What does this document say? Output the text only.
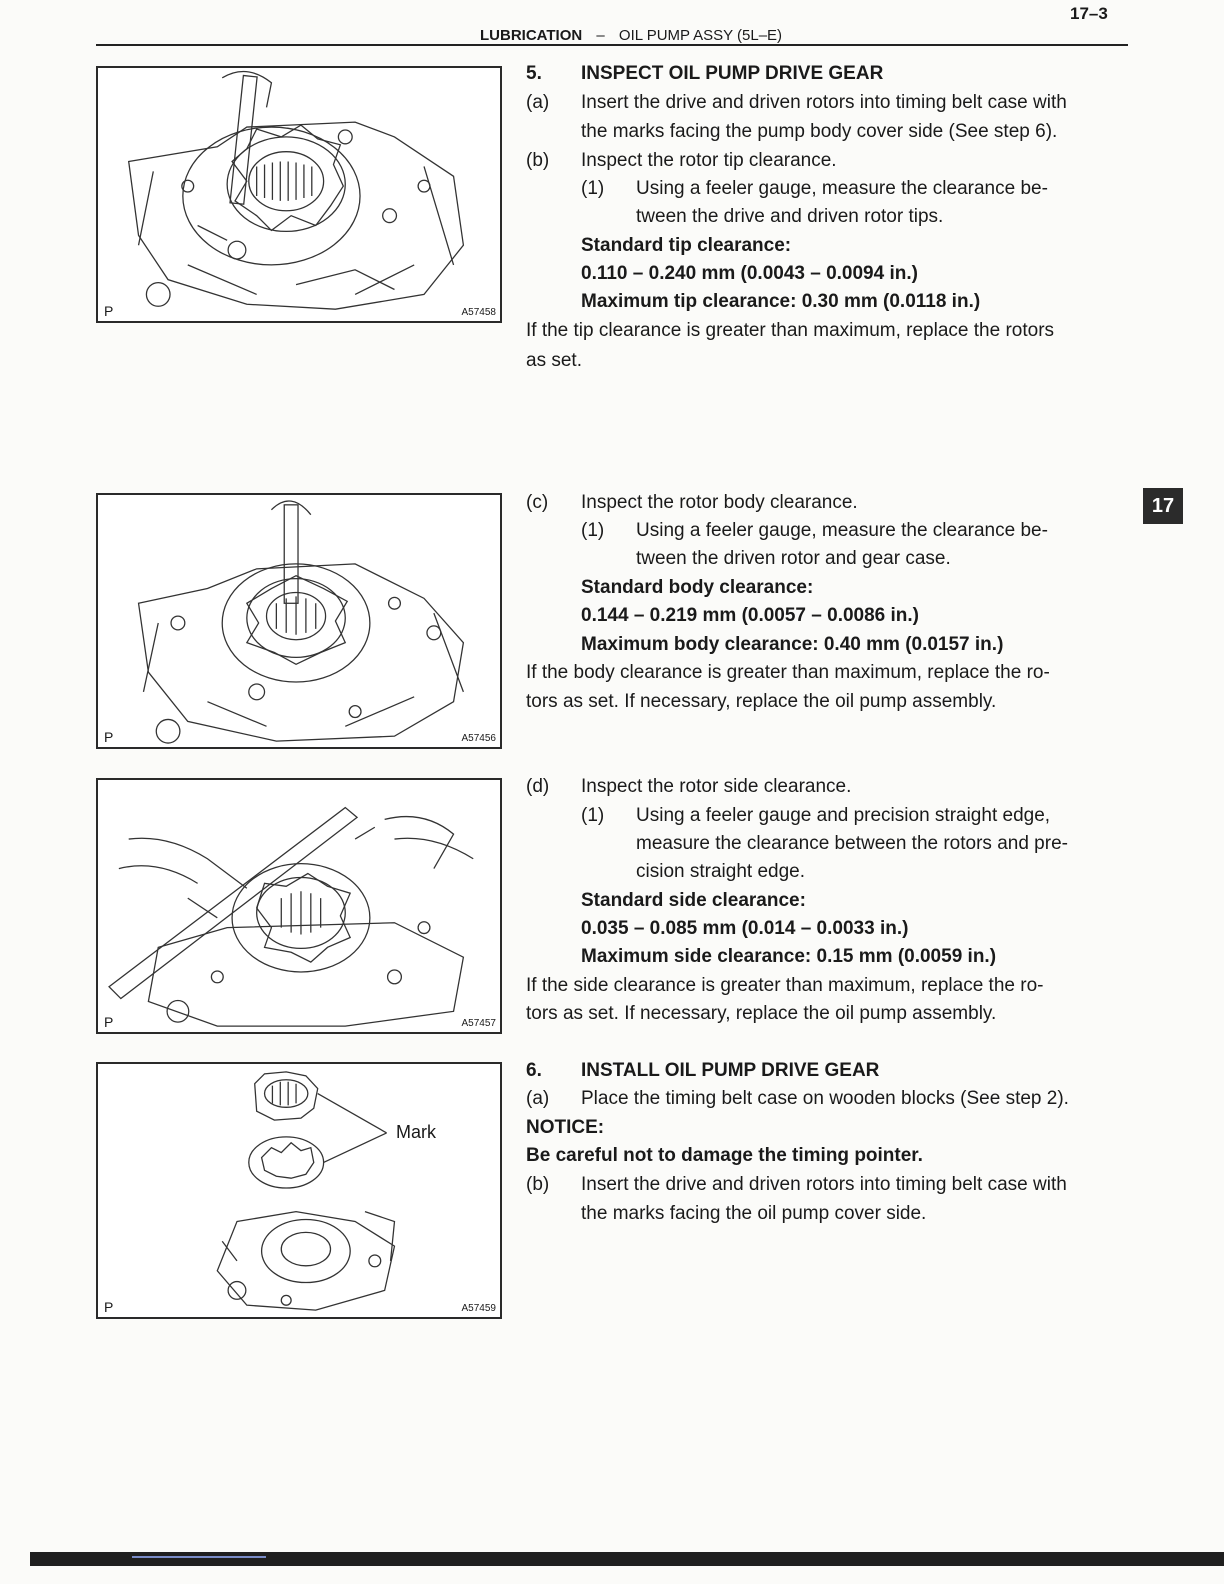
17–3
LUBRICATION – OIL PUMP ASSY (5L–E)
17
P	A57458
P	A57456
P	A57457
Mark
P	A57459
5. INSPECT OIL PUMP DRIVE GEAR
(a) Insert the drive and driven rotors into timing belt case with
the marks facing the pump body cover side (See step 6).
(b) Inspect the rotor tip clearance.
(1) Using a feeler gauge, measure the clearance be-
tween the drive and driven rotor tips.
Standard tip clearance:
0.110 – 0.240 mm (0.0043 – 0.0094 in.)
Maximum tip clearance: 0.30 mm (0.0118 in.)
If the tip clearance is greater than maximum, replace the rotors
as set.
(c) Inspect the rotor body clearance.
(1) Using a feeler gauge, measure the clearance be-
tween the driven rotor and gear case.
Standard body clearance:
0.144 – 0.219 mm (0.0057 – 0.0086 in.)
Maximum body clearance: 0.40 mm (0.0157 in.)
If the body clearance is greater than maximum, replace the ro-
tors as set. If necessary, replace the oil pump assembly.
(d) Inspect the rotor side clearance.
(1) Using a feeler gauge and precision straight edge,
measure the clearance between the rotors and pre-
cision straight edge.
Standard side clearance:
0.035 – 0.085 mm (0.014 – 0.0033 in.)
Maximum side clearance: 0.15 mm (0.0059 in.)
If the side clearance is greater than maximum, replace the ro-
tors as set. If necessary, replace the oil pump assembly.
6. INSTALL OIL PUMP DRIVE GEAR
(a) Place the timing belt case on wooden blocks (See step 2).
NOTICE:
Be careful not to damage the timing pointer.
(b) Insert the drive and driven rotors into timing belt case with
the marks facing the oil pump cover side.
